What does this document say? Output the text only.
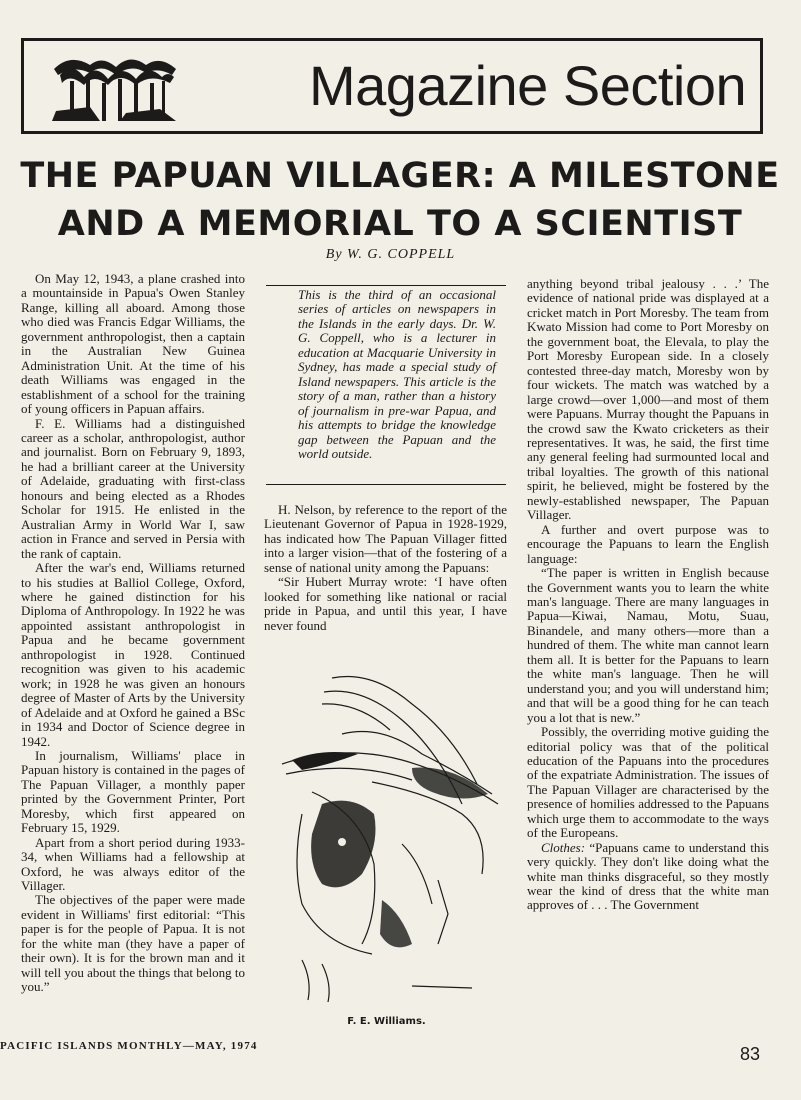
Magazine Section
THE PAPUAN VILLAGER: A MILESTONE
AND A MEMORIAL TO A SCIENTIST
By W. G. COPPELL

On May 12, 1943, a plane crashed into a mountainside in Papua's Owen Stanley Range, killing all aboard. Among those who died was Francis Edgar Williams, the government anthropologist, then a captain in the Australian New Guinea Administration Unit. At the time of his death Williams was engaged in the establishment of a school for the training of young officers in Papuan affairs.

F. E. Williams had a distinguished career as a scholar, anthropologist, author and journalist. Born on February 9, 1893, he had a brilliant career at the University of Adelaide, graduating with first-class honours and being elected as a Rhodes Scholar for 1915. He enlisted in the Australian Army in World War I, saw action in France and served in Persia with the rank of captain.

After the war's end, Williams returned to his studies at Balliol College, Oxford, where he gained distinction for his Diploma of Anthropology. In 1922 he was appointed assistant anthropologist in Papua and he became government anthropologist in 1928. Continued recognition was given to his academic work; in 1928 he was given an honours degree of Master of Arts by the University of Adelaide and at Oxford he gained a BSc in 1934 and Doctor of Science degree in 1942.

In journalism, Williams' place in Papuan history is contained in the pages of The Papuan Villager, a monthly paper printed by the Government Printer, Port Moresby, which first appeared on February 15, 1929.

Apart from a short period during 1933-34, when Williams had a fellowship at Oxford, he was always editor of the Villager.

The objectives of the paper were made evident in Williams' first editorial: “This paper is for the people of Papua. It is not for the white man (they have a paper of their own). It is for the brown man and it will tell you about the things that belong to you.”

This is the third of an occasional series of articles on newspapers in the Islands in the early days. Dr. W. G. Coppell, who is a lecturer in education at Macquarie University in Sydney, has made a special study of Island newspapers. This article is the story of a man, rather than a history of journalism in pre-war Papua, and his attempts to bridge the knowledge gap between the Papuan and the world outside.

H. Nelson, by reference to the report of the Lieutenant Governor of Papua in 1928-1929, has indicated how The Papuan Villager fitted into a larger vision—that of the fostering of a sense of national unity among the Papuans:

“Sir Hubert Murray wrote: ‘I have often looked for something like national or racial pride in Papua, and until this year, I have never found

F. E. Williams.

anything beyond tribal jealousy . . .’ The evidence of national pride was displayed at a cricket match in Port Moresby. The team from Kwato Mission had come to Port Moresby on the government boat, the Elevala, to play the Port Moresby European side. In a closely contested three-day match, Moresby won by four wickets. The match was watched by a large crowd—over 1,000—and most of them were Papuans. Murray thought the Papuans in the crowd saw the Kwato cricketers as their representatives. It was, he said, the first time any general feeling had surmounted local and tribal loyalties. The growth of this national spirit, he believed, might be fostered by the newly-established newspaper, The Papuan Villager.

A further and overt purpose was to encourage the Papuans to learn the English language:

“The paper is written in English because the Government wants you to learn the white man's language. There are many languages in Papua—Kiwai, Namau, Motu, Suau, Binandele, and many others—more than a hundred of them. The white man cannot learn them all. It is better for the Papuans to learn the white man's language. Then he will understand you; and you will understand him; and that will be a good thing for he can teach you a lot that is new.”

Possibly, the overriding motive guiding the editorial policy was that of the political education of the Papuans into the procedures of the expatriate Administration. The issues of The Papuan Villager are characterised by the presence of homilies addressed to the Papuans which urge them to accommodate to the ways of the Europeans.

Clothes: “Papuans came to understand this very quickly. They don't like doing what the white man thinks disgraceful, so they mostly wear the kind of dress that the white man approves of . . . The Government

PACIFIC ISLANDS MONTHLY—MAY, 1974	83
